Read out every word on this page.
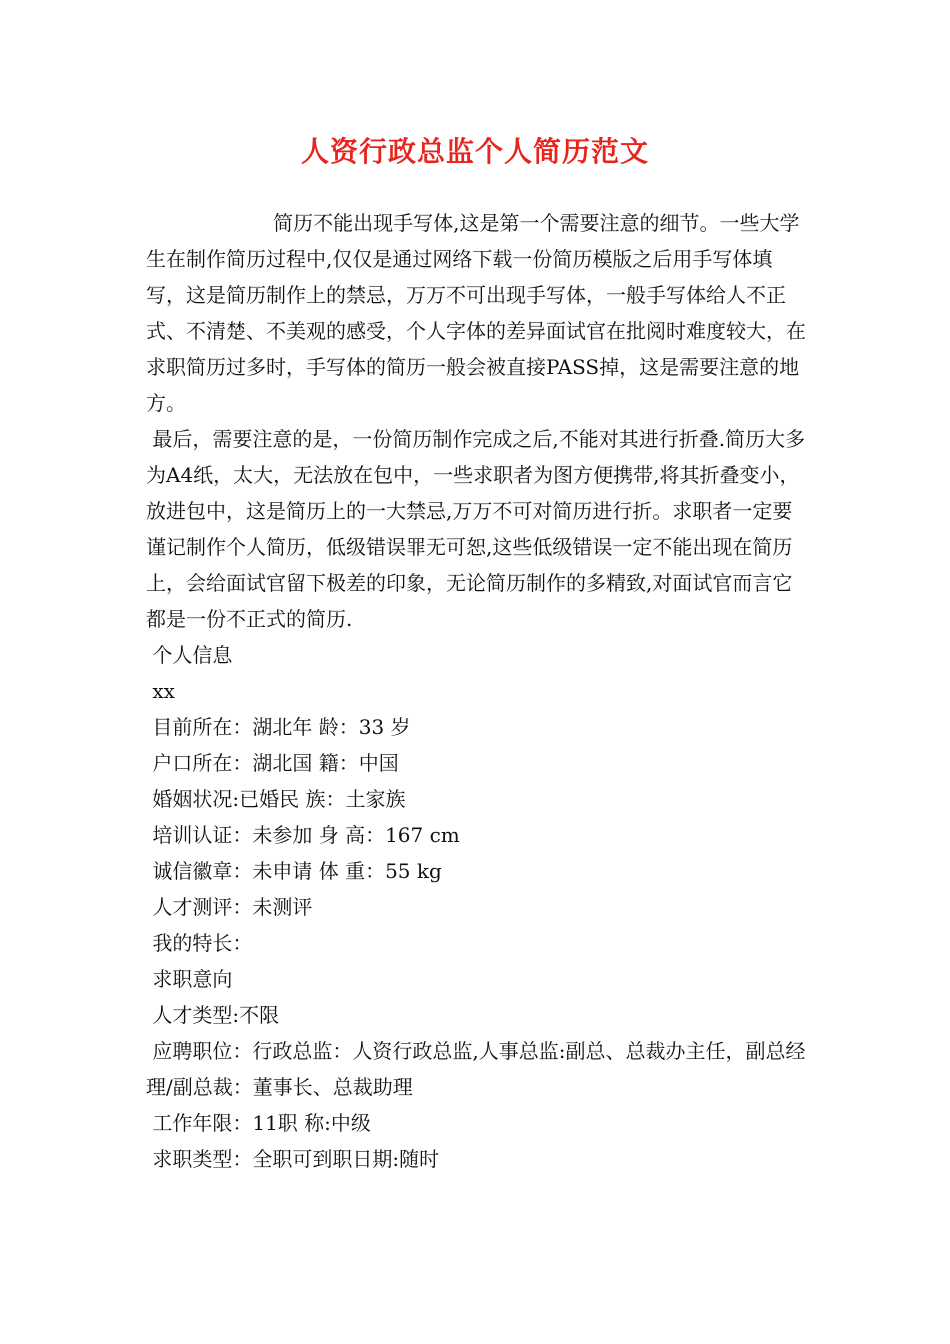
人资行政总监个人简历范文

简历不能出现手写体,这是第一个需要注意的细节。一些大学生在制作简历过程中,仅仅是通过网络下载一份简历模版之后用手写体填写，这是简历制作上的禁忌，万万不可出现手写体，一般手写体给人不正式、不清楚、不美观的感受，个人字体的差异面试官在批阅时难度较大，在求职简历过多时，手写体的简历一般会被直接PASS掉，这是需要注意的地方。

最后，需要注意的是，一份简历制作完成之后,不能对其进行折叠.简历大多为A4纸，太大，无法放在包中，一些求职者为图方便携带,将其折叠变小，放进包中，这是简历上的一大禁忌,万万不可对简历进行折。求职者一定要谨记制作个人简历，低级错误罪无可恕,这些低级错误一定不能出现在简历上，会给面试官留下极差的印象，无论简历制作的多精致,对面试官而言它都是一份不正式的简历.

个人信息

xx

目前所在：湖北年 龄：33 岁

户口所在：湖北国 籍：中国

婚姻状况:已婚民 族：土家族

培训认证：未参加 身 高：167 cm

诚信徽章：未申请 体 重：55 kg

人才测评：未测评

我的特长：

求职意向

人才类型:不限

应聘职位：行政总监：人资行政总监,人事总监:副总、总裁办主任，副总经理/副总裁：董事长、总裁助理

工作年限：11职 称:中级

求职类型：全职可到职日期:随时
